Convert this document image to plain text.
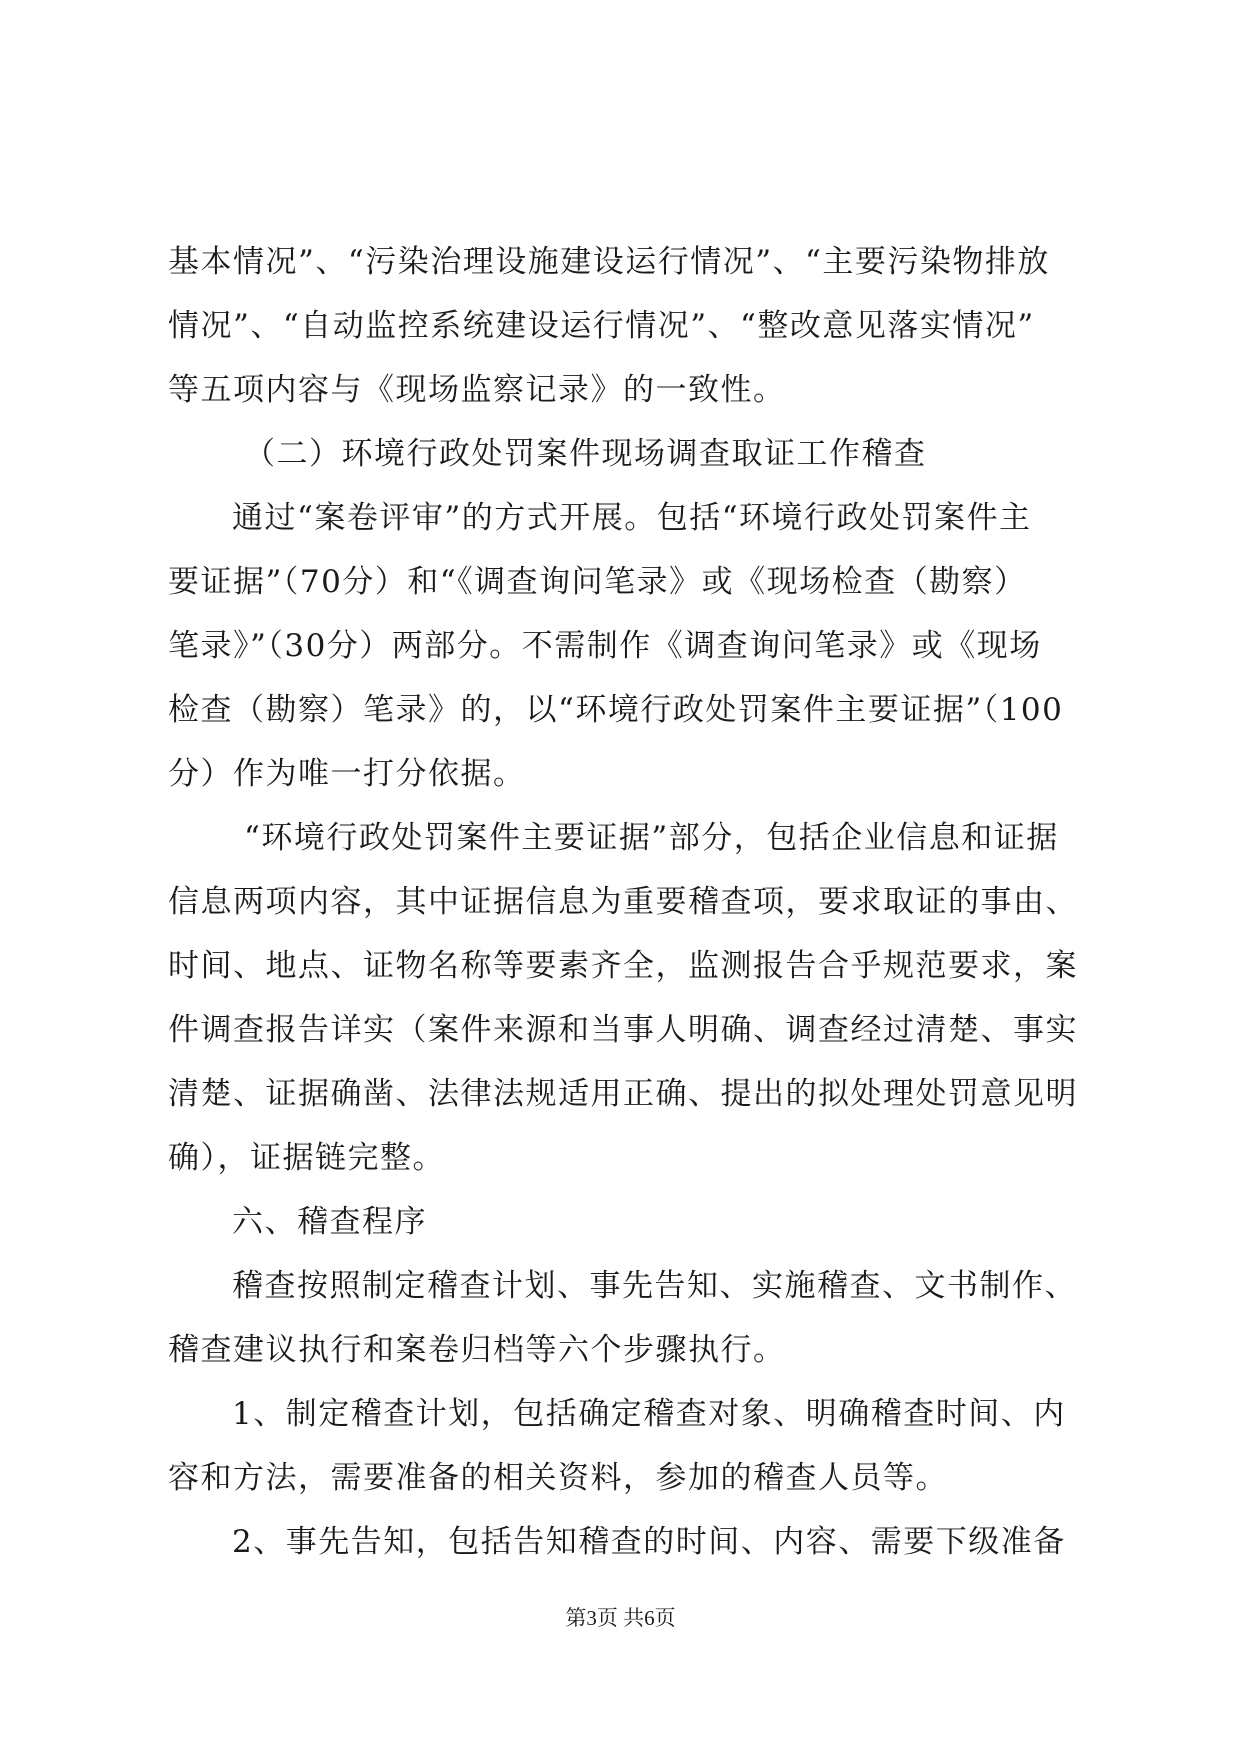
基本情况”、“污染治理设施建设运行情况”、“主要污染物排放
情况”、“自动监控系统建设运行情况”、“整改意见落实情况”
等五项内容与《现场监察记录》的一致性。
（二）环境行政处罚案件现场调查取证工作稽查
通过“案卷评审”的方式开展。包括“环境行政处罚案件主
要证据”（70分）和“《调查询问笔录》或《现场检查（勘察）
笔录》”（30分）两部分。不需制作《调查询问笔录》或《现场
检查（勘察）笔录》的，以“环境行政处罚案件主要证据”（100
分）作为唯一打分依据。
“环境行政处罚案件主要证据”部分，包括企业信息和证据
信息两项内容，其中证据信息为重要稽查项，要求取证的事由、
时间、地点、证物名称等要素齐全，监测报告合乎规范要求，案
件调查报告详实（案件来源和当事人明确、调查经过清楚、事实
清楚、证据确凿、法律法规适用正确、提出的拟处理处罚意见明
确），证据链完整。
六、稽查程序
稽查按照制定稽查计划、事先告知、实施稽查、文书制作、
稽查建议执行和案卷归档等六个步骤执行。
1、制定稽查计划，包括确定稽查对象、明确稽查时间、内
容和方法，需要准备的相关资料，参加的稽查人员等。
2、事先告知，包括告知稽查的时间、内容、需要下级准备
第3页 共6页
